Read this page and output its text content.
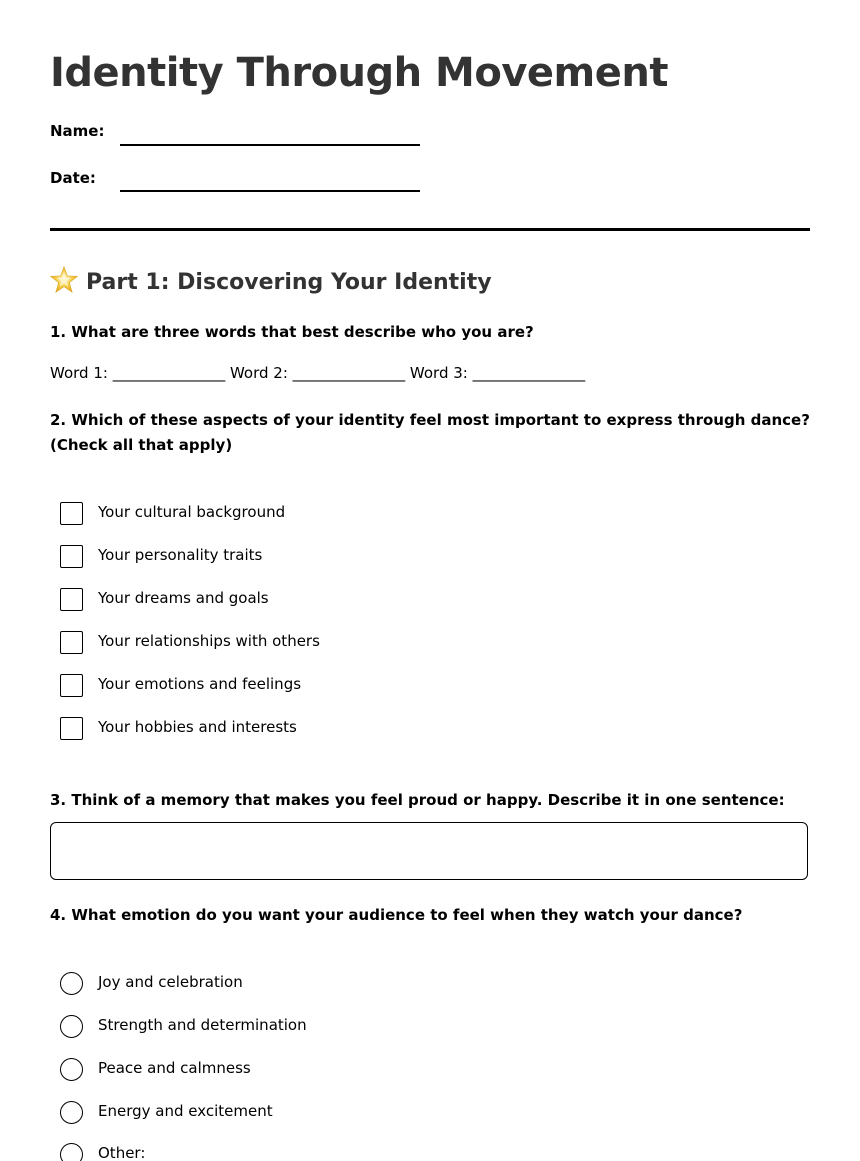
Identity Through Movement
Name:
Date:
Part 1: Discovering Your Identity

1. What are three words that best describe who you are?

Word 1: _______________ Word 2: _______________ Word 3: _______________

2. Which of these aspects of your identity feel most important to express through dance? (Check all that apply)

Your cultural background
Your personality traits
Your dreams and goals
Your relationships with others
Your emotions and feelings
Your hobbies and interests

3. Think of a memory that makes you feel proud or happy. Describe it in one sentence:

4. What emotion do you want your audience to feel when they watch your dance?

Joy and celebration
Strength and determination
Peace and calmness
Energy and excitement
Other:
